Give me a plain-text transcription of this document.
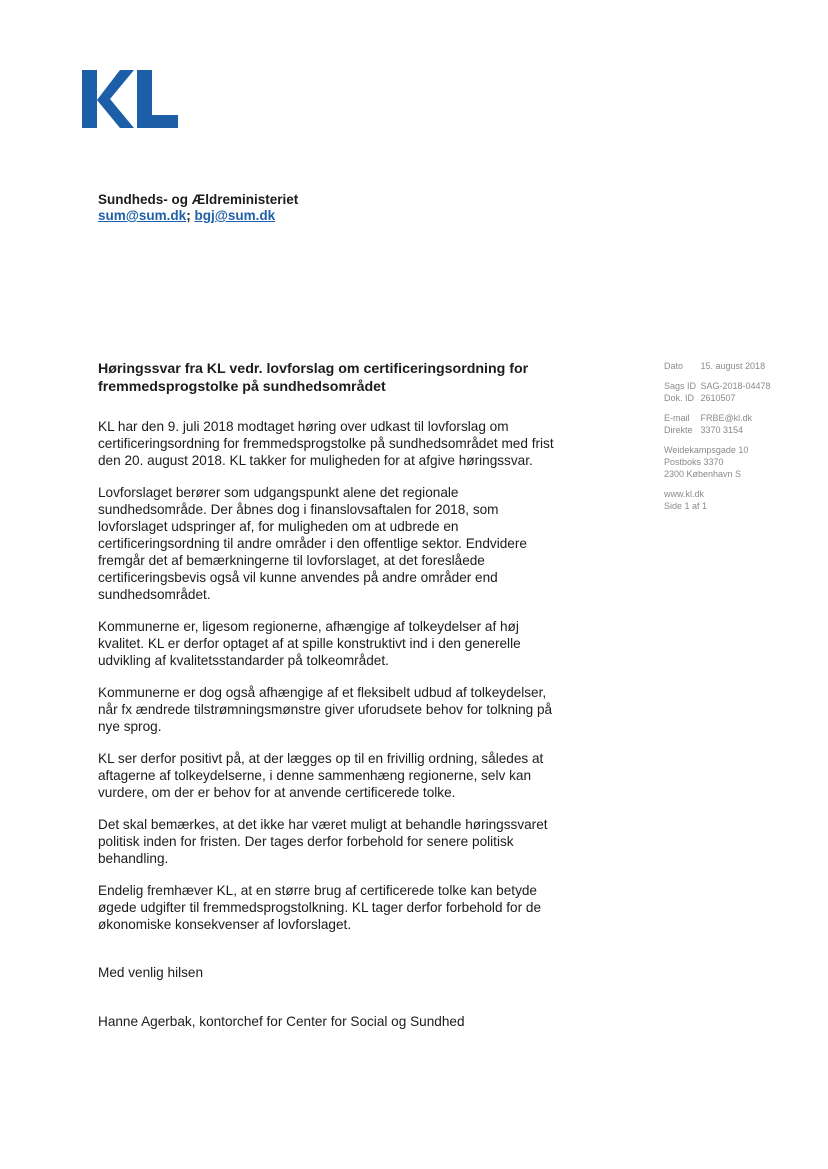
Sundheds- og Ældreministeriet
sum@sum.dk; bgj@sum.dk
Høringssvar fra KL vedr. lovforslag om certificeringsordning for fremmedsprogstolke på sundhedsområdet

KL har den 9. juli 2018 modtaget høring over udkast til lovforslag om certificeringsordning for fremmedsprogstolke på sundhedsområdet med frist den 20. august 2018. KL takker for muligheden for at afgive høringssvar.

Lovforslaget berører som udgangspunkt alene det regionale sundhedsområde. Der åbnes dog i finanslovsaftalen for 2018, som lovforslaget udspringer af, for muligheden om at udbrede en certificeringsordning til andre områder i den offentlige sektor. Endvidere fremgår det af bemærkningerne til lovforslaget, at det foreslåede certificeringsbevis også vil kunne anvendes på andre områder end sundhedsområdet.

Kommunerne er, ligesom regionerne, afhængige af tolkeydelser af høj kvalitet. KL er derfor optaget af at spille konstruktivt ind i den generelle udvikling af kvalitetsstandarder på tolkeområdet.

Kommunerne er dog også afhængige af et fleksibelt udbud af tolkeydelser, når fx ændrede tilstrømningsmønstre giver uforudsete behov for tolkning på nye sprog.

KL ser derfor positivt på, at der lægges op til en frivillig ordning, således at aftagerne af tolkeydelserne, i denne sammenhæng regionerne, selv kan vurdere, om der er behov for at anvende certificerede tolke.

Det skal bemærkes, at det ikke har været muligt at behandle høringssvaret politisk inden for fristen. Der tages derfor forbehold for senere politisk behandling.

Endelig fremhæver KL, at en større brug af certificerede tolke kan betyde øgede udgifter til fremmedsprogstolkning. KL tager derfor forbehold for de økonomiske konsekvenser af lovforslaget.

Med venlig hilsen
Hanne Agerbak, kontorchef for Center for Social og Sundhed
Dato 15. august 2018
Sags ID SAG-2018-04478
Dok. ID 2610507
E-mail FRBE@kl.dk
Direkte 3370 3154
Weidekampsgade 10
Postboks 3370
2300 København S
www.kl.dk
Side 1 af 1
